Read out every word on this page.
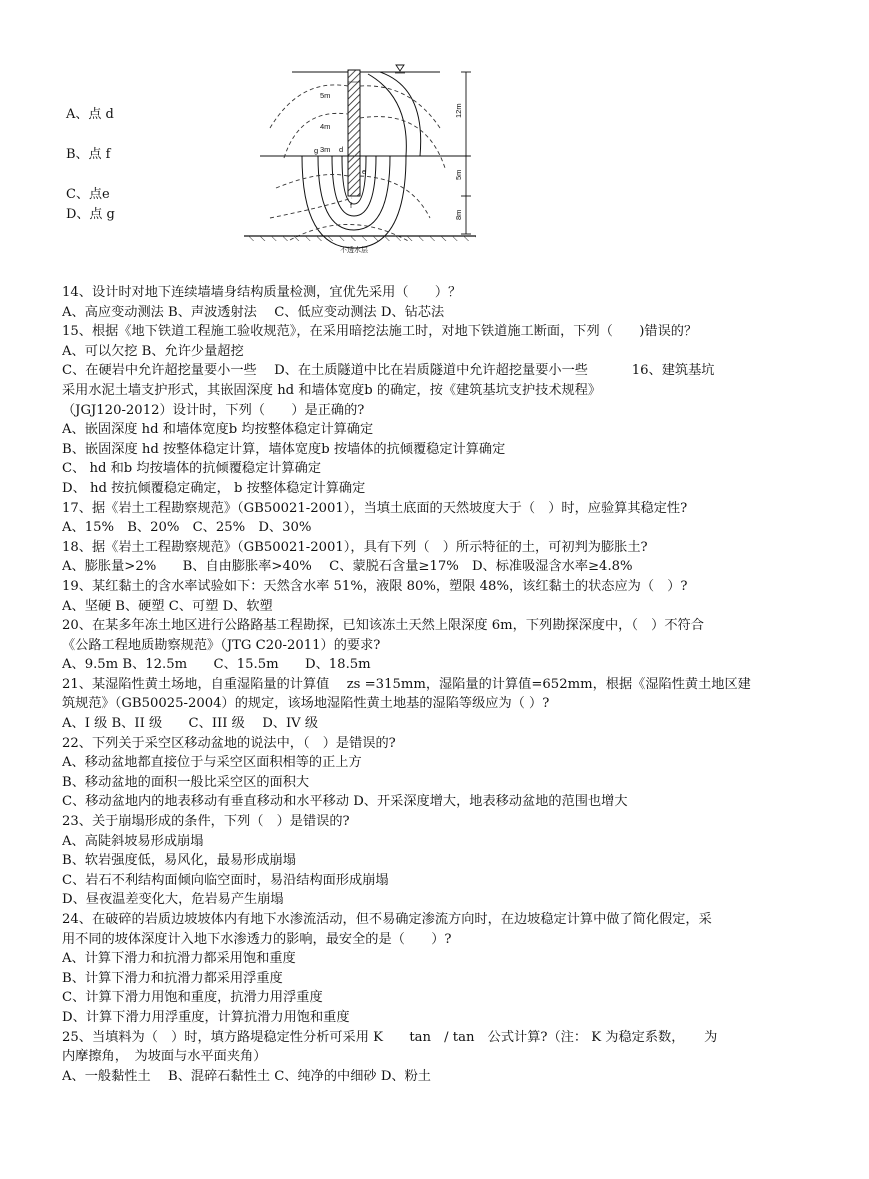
A、点 d
B、点 f
C、点e
D、点 g
5m
4m
3m d
g
e
f
12m
5m
8m
不透水层
14、设计时对地下连续墙墙身结构质量检测，宜优先采用（　　）？
A、高应变动测法 B、声波透射法　 C、低应变动测法 D、钻芯法
15、根据《地下铁道工程施工验收规范》，在采用暗挖法施工时，对地下铁道施工断面，下列（　　)错误的？
A、可以欠挖 B、允许少量超挖
C、在硬岩中允许超挖量要小一些　 D、在土质隧道中比在岩质隧道中允许超挖量要小一些　　　 16、建筑基坑
采用水泥土墙支护形式，其嵌固深度 hd 和墙体宽度b 的确定，按《建筑基坑支护技术规程》
（JGJ120-2012）设计时，下列（　　）是正确的?
A、嵌固深度 hd 和墙体宽度b 均按整体稳定计算确定
B、嵌固深度 hd 按整体稳定计算，墙体宽度b 按墙体的抗倾覆稳定计算确定
C、 hd 和b 均按墙体的抗倾覆稳定计算确定
D、 hd 按抗倾覆稳定确定， b 按整体稳定计算确定
17、据《岩土工程勘察规范》（GB50021-2001），当填土底面的天然坡度大于（　）时，应验算其稳定性?
A、15%　B、20%　C、25%　D、30%
18、据《岩土工程勘察规范》（GB50021-2001），具有下列（　）所示特征的土，可初判为膨胀土?
A、膨胀量>2%　　B、自由膨胀率>40%　 C、蒙脱石含量≥17%　D、标准吸湿含水率≥4.8%
19、某红黏土的含水率试验如下：天然含水率 51%，液限 80%，塑限 48%，该红黏土的状态应为（　）?
A、坚硬 B、硬塑 C、可塑 D、软塑
20、在某多年冻土地区进行公路路基工程勘探，已知该冻土天然上限深度 6m，下列勘探深度中，（　）不符合
《公路工程地质勘察规范》（JTG C20-2011）的要求?
A、9.5m B、12.5m　　C、15.5m　　D、18.5m
21、某湿陷性黄土场地，自重湿陷量的计算值　 zs =315mm，湿陷量的计算值=652mm，根据《湿陷性黄土地区建
筑规范》（GB50025-2004）的规定，该场地湿陷性黄土地基的湿陷等级应为（ ）?
A、I 级 B、II 级　　C、III 级　 D、IV 级
22、下列关于采空区移动盆地的说法中，（　）是错误的?
A、移动盆地都直接位于与采空区面积相等的正上方
B、移动盆地的面积一般比采空区的面积大
C、移动盆地内的地表移动有垂直移动和水平移动 D、开采深度增大，地表移动盆地的范围也增大
23、关于崩塌形成的条件，下列（　）是错误的?
A、高陡斜坡易形成崩塌
B、软岩强度低，易风化，最易形成崩塌
C、岩石不利结构面倾向临空面时，易沿结构面形成崩塌
D、昼夜温差变化大，危岩易产生崩塌
24、在破碎的岩质边坡坡体内有地下水渗流活动，但不易确定渗流方向时，在边坡稳定计算中做了简化假定，采
用不同的坡体深度计入地下水渗透力的影响，最安全的是（　　）?
A、计算下滑力和抗滑力都采用饱和重度
B、计算下滑力和抗滑力都采用浮重度
C、计算下滑力用饱和重度，抗滑力用浮重度
D、计算下滑力用浮重度，计算抗滑力用饱和重度
25、当填料为（　）时，填方路堤稳定性分析可采用 K　　tan　/ tan　公式计算?（注： K 为稳定系数，　　为
内摩擦角，　为坡面与水平面夹角）
A、一般黏性土　 B、混碎石黏性土 C、纯净的中细砂 D、粉土
